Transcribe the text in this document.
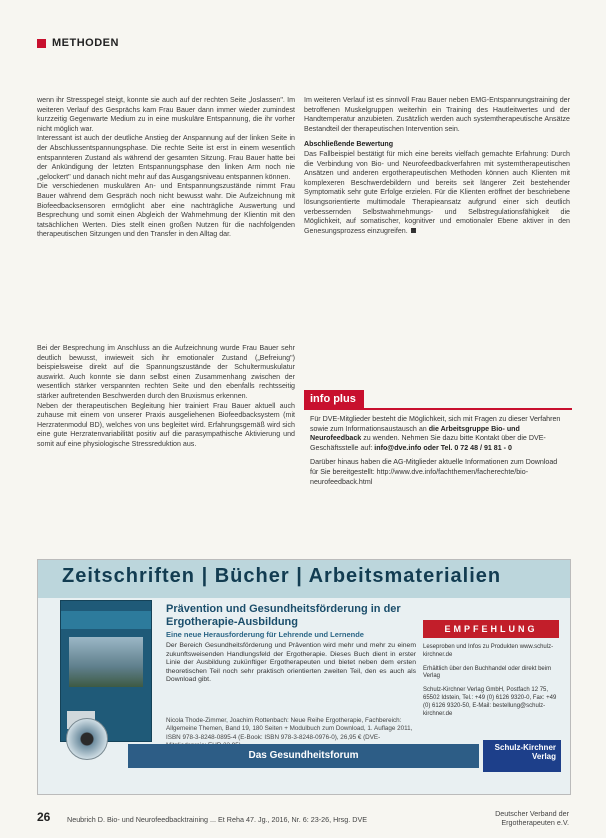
METHODEN

wenn ihr Stresspegel steigt, konnte sie auch auf der rechten Seite „loslassen". Im weiteren Verlauf des Gesprächs kam Frau Bauer dann immer wieder zumindest kurzzeitig Gegenwarte Medium zu in eine muskuläre Entspannung, die ihr vorher nicht möglich war.

Interessant ist auch der deutliche Anstieg der Anspannung auf der linken Seite in der Abschlussentspannungsphase. Die rechte Seite ist erst in einem wesentlich entspannteren Zustand als während der gesamten Sitzung. Frau Bauer hatte bei der Ankündigung der letzten Entspannungsphase den linken Arm noch nie „gelockert" und danach nicht mehr auf das Ausgangsniveau entspannen können.

Die verschiedenen muskulären An- und Entspannungszustände nimmt Frau Bauer während dem Gespräch noch nicht bewusst wahr. Die Aufzeichnung mit Biofeedbacksensoren ermöglicht aber eine nachträgliche Auswertung und Besprechung und somit einen Abgleich der Wahrnehmung der Klientin mit den tatsächlichen Werten. Dies stellt einen großen Nutzen für die nachfolgenden therapeutischen Sitzungen und den Transfer in den Alltag dar.

Bei der Besprechung im Anschluss an die Aufzeichnung wurde Frau Bauer sehr deutlich bewusst, inwieweit sich ihr emotionaler Zustand („Befreiung") beispielsweise direkt auf die Spannungszustände der Schultermuskulatur auswirkt. Auch konnte sie dann selbst einen Zusammenhang zwischen der wesentlich stärker verspannten rechten Seite und den ebenfalls rechtsseitig stärker auftretenden Beschwerden durch den Bruxismus erkennen.

Neben der therapeutischen Begleitung hier trainiert Frau Bauer aktuell auch zuhause mit einem von unserer Praxis ausgeliehenen Biofeedbacksystem (mit Herzratenmodul BD), welches von uns begleitet wird. Erfahrungsgemäß wird sich eine gute Herzratenvariabilität positiv auf die parasympathische Aktivierung und somit auf eine physiologische Stressreduktion aus.

Im weiteren Verlauf ist es sinnvoll Frau Bauer neben EMG-Entspannungstraining der betroffenen Muskelgruppen weiterhin ein Training des Hautleitwertes und der Handtemperatur anzubieten. Zusätzlich werden auch systemtherapeutische Ansätze Bestandteil der therapeutischen Intervention sein.

Abschließende Bewertung

Das Fallbeispiel bestätigt für mich eine bereits vielfach gemachte Erfahrung: Durch die Verbindung von Bio- und Neurofeedbackverfahren mit systemtherapeutischen Ansätzen und anderen ergotherapeutischen Methoden können auch Klienten mit komplexeren Beschwerdebildern und bereits seit längerer Zeit bestehender Symptomatik sehr gute Erfolge erzielen. Für die Klienten eröffnet der beschriebene lösungsorientierte multimodale Therapieansatz aufgrund einer sich deutlich verbessernden Selbstwahrnehmungs- und Selbstregulationsfähigkeit die Möglichkeit, auf somatischer, kognitiver und emotionaler Ebene aktiver in den Genesungsprozess einzugreifen.

info plus

Für DVE-Mitglieder besteht die Möglichkeit, sich mit Fragen zu dieser Verfahren sowie zum Informationsaustausch an die Arbeitsgruppe Bio- und Neurofeedback zu wenden. Nehmen Sie dazu bitte Kontakt über die DVE-Geschäftsstelle auf: info@dve.info oder Tel. 0 72 48 / 91 81 - 0

Darüber hinaus haben die AG-Mitglieder aktuelle Informationen zum Download für Sie bereitgestellt: http://www.dve.info/fachthemen/facherechte/bio-neurofeedback.html

Zeitschriften | Bücher | Arbeitsmaterialien
Prävention und Gesundheitsförderung in der Ergotherapie-Ausbildung
Eine neue Herausforderung für Lehrende und Lernende
Der Bereich Gesundheitsförderung und Prävention wird mehr und mehr zu einem zukunftsweisenden Handlungsfeld der Ergotherapie. Dieses Buch dient in erster Linie der Ausbildung zukünftiger Ergotherapeuten und bietet neben dem ersten theoretischen Teil noch sehr praktisch orientierten zweiten Teil, den es auch als Download gibt.
Nicola Thode-Zimmer, Joachim Rottenbach: Neue Reihe Ergotherapie, Fachbereich: Allgemeine Themen, Band 19, 180 Seiten + Modulbuch zum Download, 1. Auflage 2011, ISBN 978-3-8248-0895-4 (E-Book: ISBN 978-3-8248-0976-0), 26,95 € (DVE-
EMPFEHLUNG

Leseproben und Infos zu Produkten www.schulz-kirchner.de

Erhältlich über den Buchhandel oder direkt beim Verlag

Schulz-Kirchner Verlag GmbH, Postfach 12 75, 65502 Idstein, Tel.: +49 (0) 6126 9320-0, Fax: +49 (0) 6126 9320-50, E-Mail: bestellung@schulz-kirchner.de

Das Gesundheitsforum
Schulz-Kirchner Verlag
26 Neubrich D. Bio- und Neurofeedbacktraining ... Et Reha 47. Jg., 2016, Nr. 6: 23-26, Hrsg. DVE
Deutscher Verband der Ergotherapeuten e.V.
